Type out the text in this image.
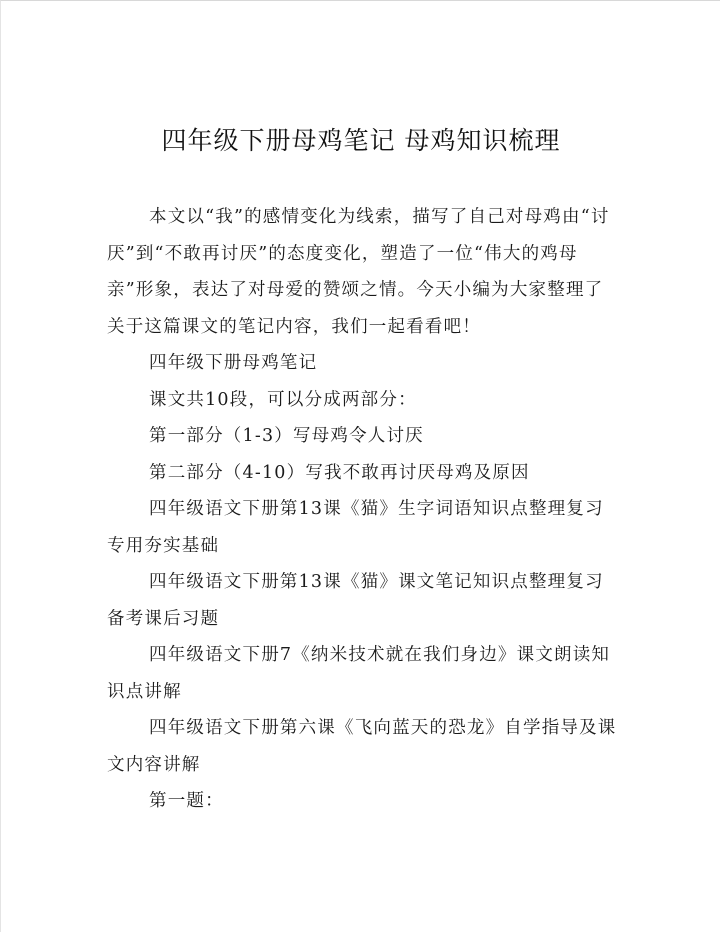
四年级下册母鸡笔记 母鸡知识梳理

本文以“我”的感情变化为线索，描写了自己对母鸡由“讨厌”到“不敢再讨厌”的态度变化，塑造了一位“伟大的鸡母亲”形象，表达了对母爱的赞颂之情。今天小编为大家整理了关于这篇课文的笔记内容，我们一起看看吧！

四年级下册母鸡笔记

课文共10段，可以分成两部分：

第一部分（1-3）写母鸡令人讨厌

第二部分（4-10）写我不敢再讨厌母鸡及原因

四年级语文下册第13课《猫》生字词语知识点整理复习专用夯实基础

四年级语文下册第13课《猫》课文笔记知识点整理复习备考课后习题

四年级语文下册7《纳米技术就在我们身边》课文朗读知识点讲解

四年级语文下册第六课《飞向蓝天的恐龙》自学指导及课文内容讲解

第一题：
